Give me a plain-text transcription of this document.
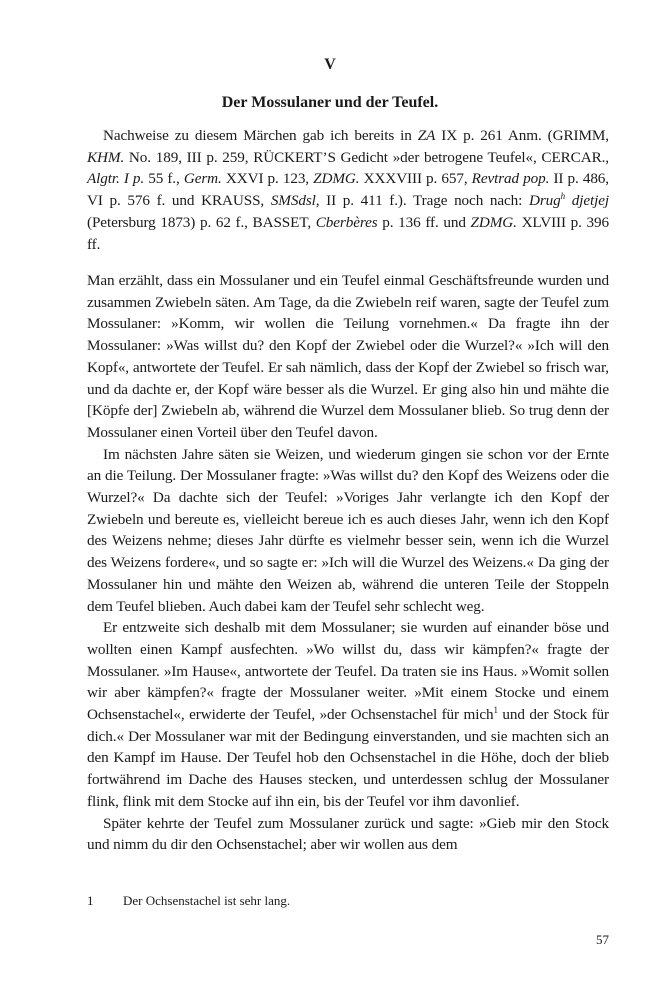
V
Der Mossulaner und der Teufel.

Nachweise zu diesem Märchen gab ich bereits in ZA IX p. 261 Anm. (GRIMM, KHM. No. 189, III p. 259, RÜCKERT’S Gedicht »der betrogene Teufel«, CERCAR., Algtr. I p. 55 f., Germ. XXVI p. 123, ZDMG. XXXVIII p. 657, Revtrad pop. II p. 486, VI p. 576 f. und KRAUSS, SMSdsl, II p. 411 f.). Trage noch nach: Drug$^h$ djetjej (Petersburg 1873) p. 62 f., BASSET, Cberbères p. 136 ff. und ZDMG. XLVIII p. 396 ff.

Man erzählt, dass ein Mossulaner und ein Teufel einmal Geschäftsfreunde wurden und zusammen Zwiebeln säten. Am Tage, da die Zwiebeln reif waren, sagte der Teufel zum Mossulaner: »Komm, wir wollen die Teilung vornehmen.« Da fragte ihn der Mossulaner: »Was willst du? den Kopf der Zwiebel oder die Wurzel?« »Ich will den Kopf«, antwortete der Teufel. Er sah nämlich, dass der Kopf der Zwiebel so frisch war, und da dachte er, der Kopf wäre besser als die Wurzel. Er ging also hin und mähte die [Köpfe der] Zwiebeln ab, während die Wurzel dem Mossulaner blieb. So trug denn der Mossulaner einen Vorteil über den Teufel davon.

Im nächsten Jahre säten sie Weizen, und wiederum gingen sie schon vor der Ernte an die Teilung. Der Mossulaner fragte: »Was willst du? den Kopf des Weizens oder die Wurzel?« Da dachte sich der Teufel: »Voriges Jahr verlangte ich den Kopf der Zwiebeln und bereute es, vielleicht bereue ich es auch dieses Jahr, wenn ich den Kopf des Weizens nehme; dieses Jahr dürfte es vielmehr besser sein, wenn ich die Wurzel des Weizens fordere«, und so sagte er: »Ich will die Wurzel des Weizens.« Da ging der Mossulaner hin und mähte den Weizen ab, während die unteren Teile der Stoppeln dem Teufel blieben. Auch dabei kam der Teufel sehr schlecht weg.

Er entzweite sich deshalb mit dem Mossulaner; sie wurden auf einander böse und wollten einen Kampf ausfechten. »Wo willst du, dass wir kämpfen?« fragte der Mossulaner. »Im Hause«, antwortete der Teufel. Da traten sie ins Haus. »Womit sollen wir aber kämpfen?« fragte der Mossulaner weiter. »Mit einem Stocke und einem Ochsenstachel«, erwiderte der Teufel, »der Ochsenstachel für mich$^1$ und der Stock für dich.« Der Mossulaner war mit der Bedingung einverstanden, und sie machten sich an den Kampf im Hause. Der Teufel hob den Ochsenstachel in die Höhe, doch der blieb fortwährend im Dache des Hauses stecken, und unterdessen schlug der Mossulaner flink, flink mit dem Stocke auf ihn ein, bis der Teufel vor ihm davonlief.

Später kehrte der Teufel zum Mossulaner zurück und sagte: »Gieb mir den Stock und nimm du dir den Ochsenstachel; aber wir wollen aus dem

1 Der Ochsenstachel ist sehr lang.
57
